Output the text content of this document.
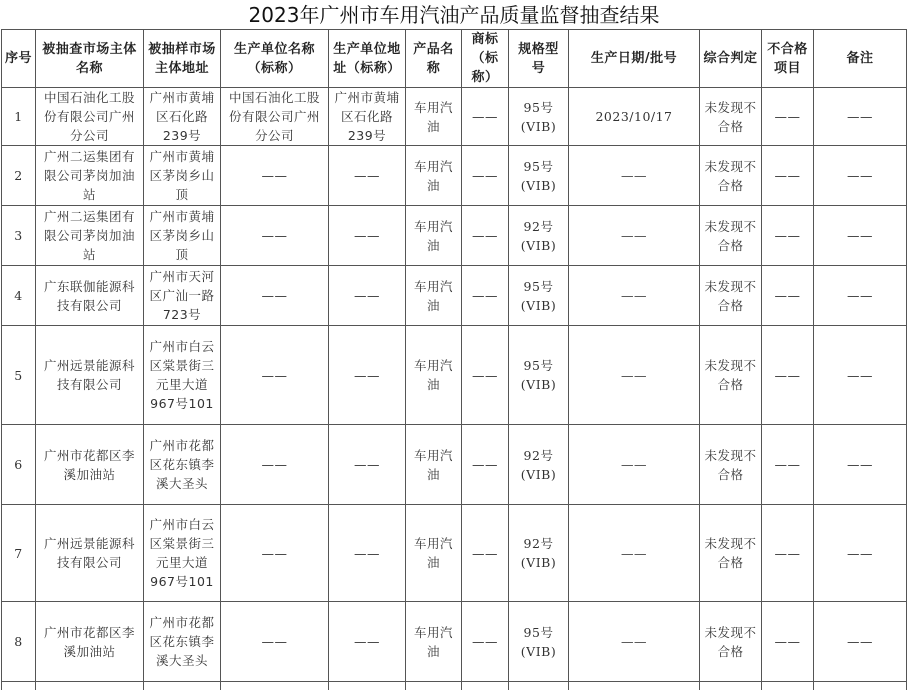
2023年广州市车用汽油产品质量监督抽查结果
序号	被抽查市场主体名称	被抽样市场主体地址	生产单位名称（标称）	生产单位地址（标称）	产品名称	商标（标称）	规格型号	生产日期/批号	综合判定	不合格项目	备注
1	中国石油化工股份有限公司广州分公司	广州市黄埔区石化路239号	中国石油化工股份有限公司广州分公司	广州市黄埔区石化路239号	车用汽油	——	95号(VIB)	2023/10/17	未发现不合格	——	——
2	广州二运集团有限公司茅岗加油站	广州市黄埔区茅岗乡山顶	——	——	车用汽油	——	95号(VIB)	——	未发现不合格	——	——
3	广州二运集团有限公司茅岗加油站	广州市黄埔区茅岗乡山顶	——	——	车用汽油	——	92号(VIB)	——	未发现不合格	——	——
4	广东联伽能源科技有限公司	广州市天河区广汕一路723号	——	——	车用汽油	——	95号(VIB)	——	未发现不合格	——	——
5	广州远景能源科技有限公司	广州市白云区棠景街三元里大道967号101	——	——	车用汽油	——	95号(VIB)	——	未发现不合格	——	——
6	广州市花都区李溪加油站	广州市花都区花东镇李溪大圣头	——	——	车用汽油	——	92号(VIB)	——	未发现不合格	——	——
7	广州远景能源科技有限公司	广州市白云区棠景街三元里大道967号101	——	——	车用汽油	——	92号(VIB)	——	未发现不合格	——	——
8	广州市花都区李溪加油站	广州市花都区花东镇李溪大圣头	——	——	车用汽油	——	95号(VIB)	——	未发现不合格	——	——
